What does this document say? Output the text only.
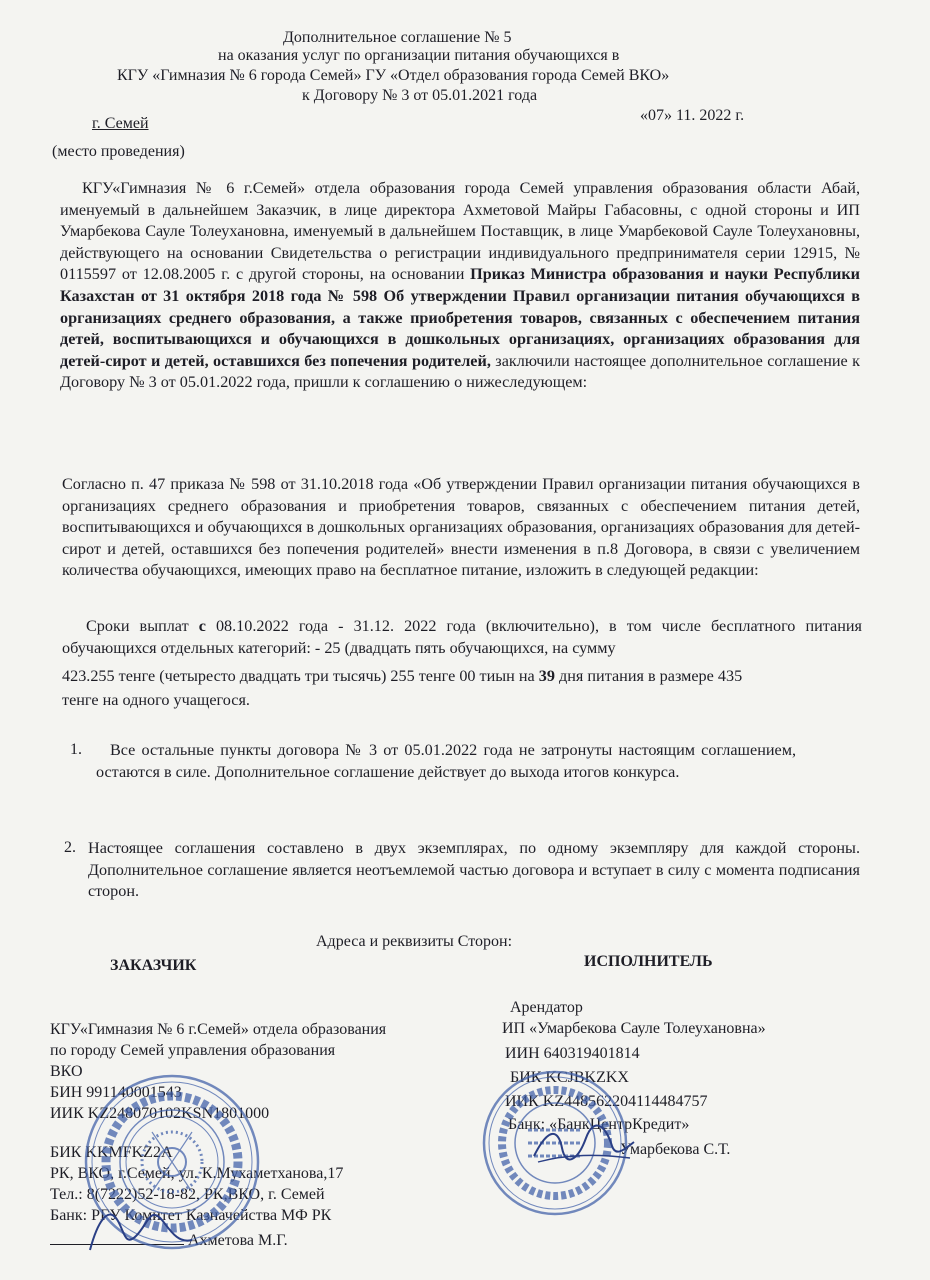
Дополнительное соглашение № 5
на оказания услуг по организации питания обучающихся в
КГУ «Гимназия № 6 города Семей» ГУ «Отдел образования города Семей ВКО»
к Договору № 3 от 05.01.2021 года
г. Семей	«07» 11. 2022 г.
(место проведения)
КГУ«Гимназия № 6 г.Семей» отдела образования города Семей управления образования области Абай, именуемый в дальнейшем Заказчик, в лице директора Ахметовой Майры Габасовны, с одной стороны и ИП Умарбекова Сауле Толеухановна, именуемый в дальнейшем Поставщик, в лице Умарбековой Сауле Толеухановны, действующего на основании Свидетельства о регистрации индивидуального предпринимателя серии 12915, № 0115597 от 12.08.2005 г. с другой стороны, на основании Приказ Министра образования и науки Республики Казахстан от 31 октября 2018 года № 598 Об утверждении Правил организации питания обучающихся в организациях среднего образования, а также приобретения товаров, связанных с обеспечением питания детей, воспитывающихся и обучающихся в дошкольных организациях, организациях образования для детей-сирот и детей, оставшихся без попечения родителей, заключили настоящее дополнительное соглашение к Договору № 3 от 05.01.2022 года, пришли к соглашению о нижеследующем:
Согласно п. 47 приказа № 598 от 31.10.2018 года «Об утверждении Правил организации питания обучающихся в организациях среднего образования и приобретения товаров, связанных с обеспечением питания детей, воспитывающихся и обучающихся в дошкольных организациях образования, организациях образования для детей-сирот и детей, оставшихся без попечения родителей» внести изменения в п.8 Договора, в связи с увеличением количества обучающихся, имеющих право на бесплатное питание, изложить в следующей редакции:
Сроки выплат с 08.10.2022 года - 31.12. 2022 года (включительно), в том числе бесплатного питания обучающихся отдельных категорий: - 25 (двадцать пять обучающихся, на сумму
423.255 тенге (четыресто двадцать три тысячь) 255 тенге 00 тиын на 39 дня питания в размере 435
тенге на одного учащегося.
1.	Все остальные пункты договора № 3 от 05.01.2022 года не затронуты настоящим соглашением, остаются в силе. Дополнительное соглашение действует до выхода итогов конкурса.
2. Настоящее соглашения составлено в двух экземплярах, по одному экземпляру для каждой стороны. Дополнительное соглашение является неотъемлемой частью договора и вступает в силу с момента подписания сторон.
Адреса и реквизиты Сторон:
ЗАКАЗЧИК	ИСПОЛНИТЕЛЬ
КГУ«Гимназия № 6 г.Семей» отдела образования
по городу Семей управления образования
ВКО
БИН 991140001543
ИИК KZ248070102KSN1801000
БИК KKMFKZ2A
РК, ВКО, г.Семей, ул. К.Мухаметханова,17
Тел.: 8(7222)52-18-82, РК,ВКО, г. Семей
Банк: РГУ Комитет Казначейства МФ РК
Ахметова М.Г.
Арендатор
ИП «Умарбекова Сауле Толеухановна»
ИИН 640319401814
БИК KCJBKZKX
ИИК KZ448562204114484757
Банк: «БанкЦентрКредит»
Умарбекова С.Т.
